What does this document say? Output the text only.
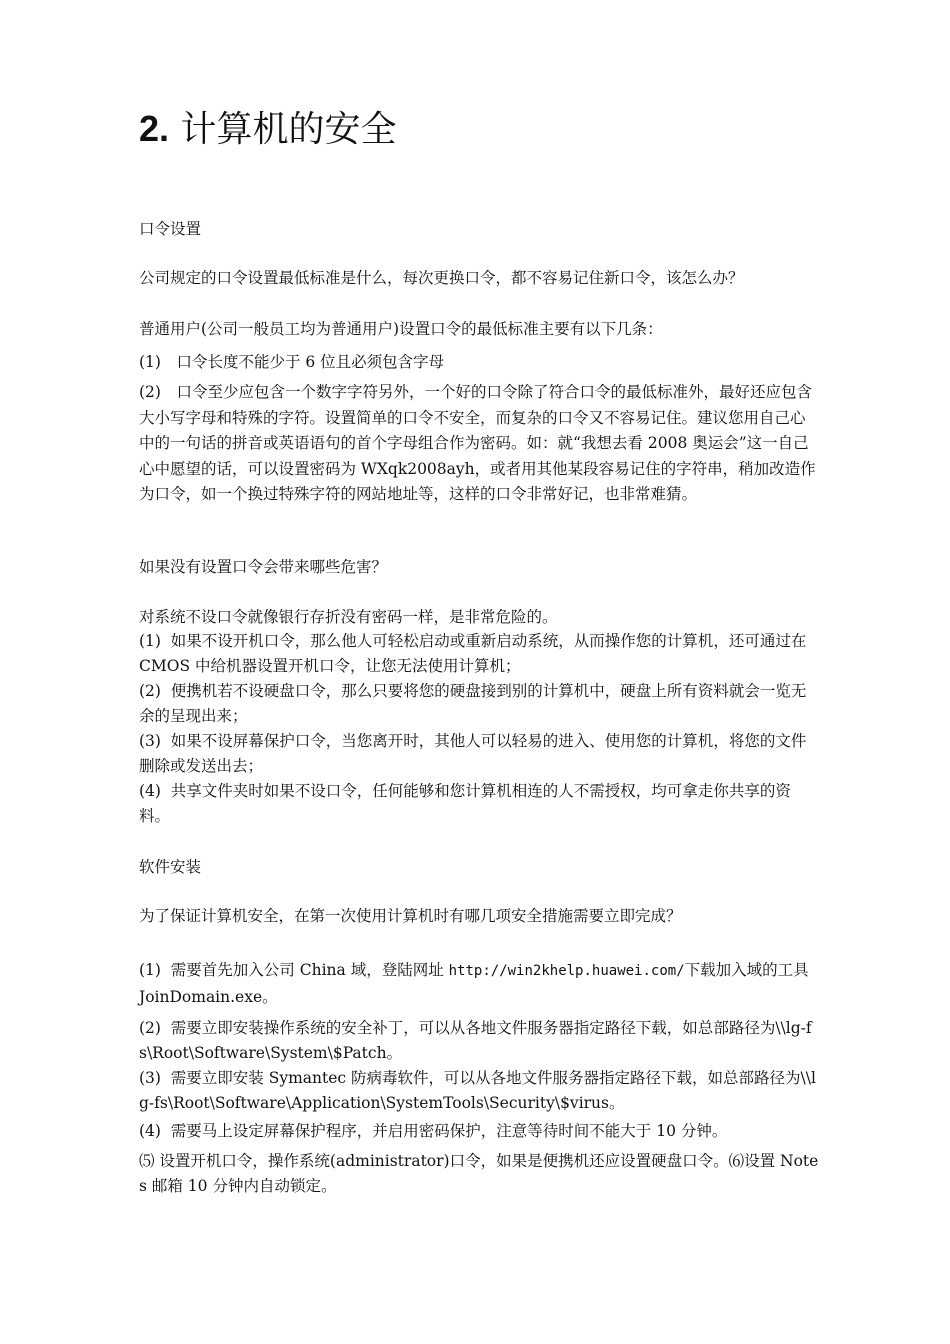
2. 计算机的安全

口令设置

公司规定的口令设置最低标准是什么，每次更换口令，都不容易记住新口令，该怎么办？

普通用户(公司一般员工均为普通用户)设置口令的最低标准主要有以下几条：

(1)　口令长度不能少于 6 位且必须包含字母

(2)　口令至少应包含一个数字字符另外，一个好的口令除了符合口令的最低标准外，最好还应包含大小写字母和特殊的字符。设置简单的口令不安全，而复杂的口令又不容易记住。建议您用自己心中的一句话的拼音或英语语句的首个字母组合作为密码。如：就“我想去看 2008 奥运会”这一自己心中愿望的话，可以设置密码为 WXqk2008ayh，或者用其他某段容易记住的字符串，稍加改造作为口令，如一个换过特殊字符的网站地址等，这样的口令非常好记，也非常难猜。

如果没有设置口令会带来哪些危害？

对系统不设口令就像银行存折没有密码一样，是非常危险的。

(1)  如果不设开机口令，那么他人可轻松启动或重新启动系统，从而操作您的计算机，还可通过在 CMOS 中给机器设置开机口令，让您无法使用计算机；

(2)  便携机若不设硬盘口令，那么只要将您的硬盘接到别的计算机中，硬盘上所有资料就会一览无余的呈现出来；

(3)  如果不设屏幕保护口令，当您离开时，其他人可以轻易的进入、使用您的计算机，将您的文件删除或发送出去；

(4)  共享文件夹时如果不设口令，任何能够和您计算机相连的人不需授权，均可拿走你共享的资料。

软件安装

为了保证计算机安全，在第一次使用计算机时有哪几项安全措施需要立即完成？

(1)  需要首先加入公司 China 域，登陆网址 http://win2khelp.huawei.com/下载加入域的工具 JoinDomain.exe。

(2)  需要立即安装操作系统的安全补丁，可以从各地文件服务器指定路径下载，如总部路径为\\lg-fs\Root\Software\System\$Patch。

(3)  需要立即安装 Symantec 防病毒软件，可以从各地文件服务器指定路径下载，如总部路径为\\lg-fs\Root\Software\Application\SystemTools\Security\$virus。

(4)  需要马上设定屏幕保护程序，并启用密码保护，注意等待时间不能大于 10 分钟。

⑸ 设置开机口令，操作系统(administrator)口令，如果是便携机还应设置硬盘口令。⑹设置 Notes 邮箱 10 分钟内自动锁定。
